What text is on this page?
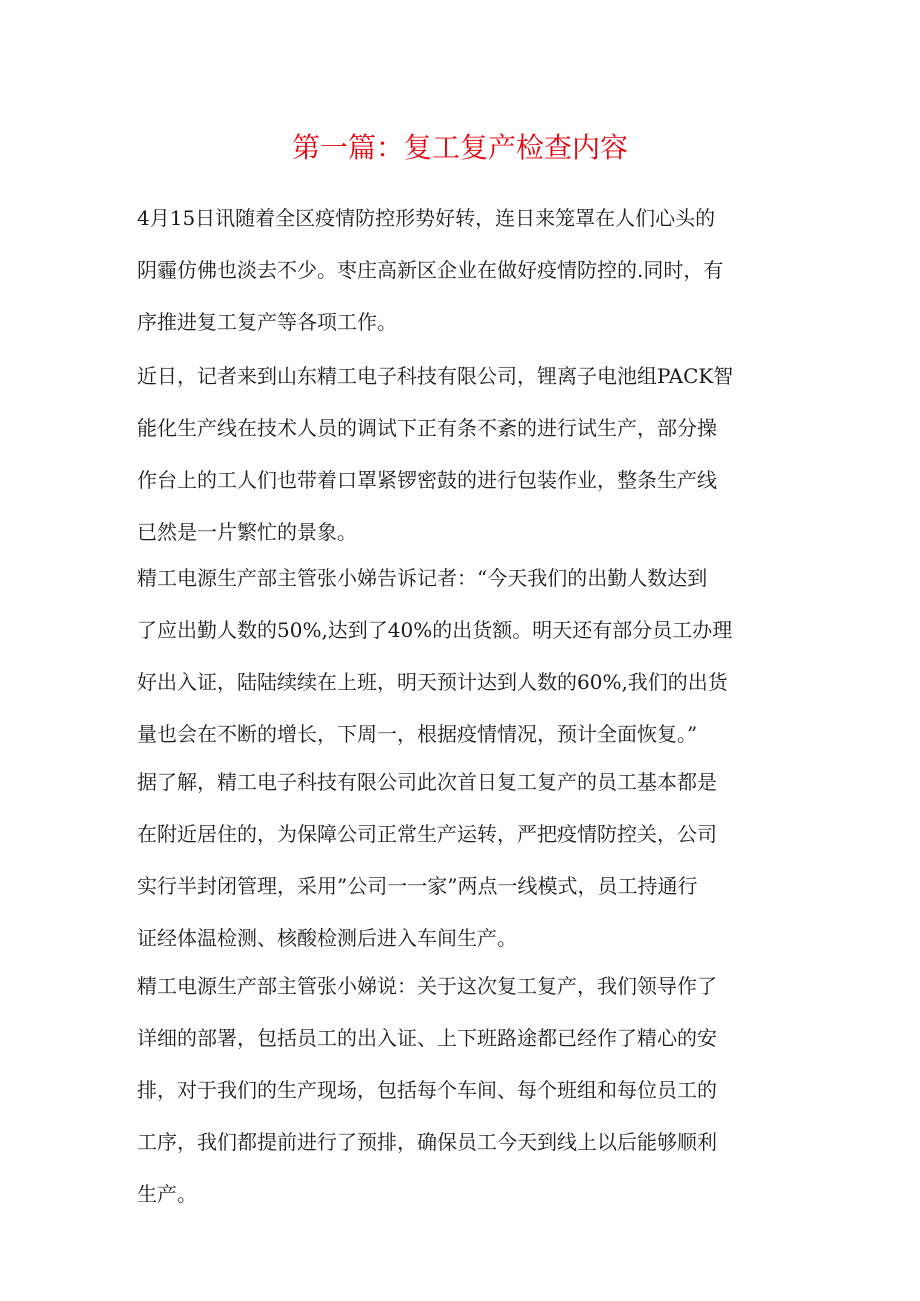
第一篇：复工复产检查内容

4月15日讯随着全区疫情防控形势好转，连日来笼罩在人们心头的
阴霾仿佛也淡去不少。枣庄高新区企业在做好疫情防控的.同时，有
序推进复工复产等各项工作。

近日，记者来到山东精工电子科技有限公司，锂离子电池组PACK智
能化生产线在技术人员的调试下正有条不紊的进行试生产，部分操
作台上的工人们也带着口罩紧锣密鼓的进行包装作业，整条生产线
已然是一片繁忙的景象。

精工电源生产部主管张小娣告诉记者：“今天我们的出勤人数达到
了应出勤人数的50%,达到了40%的出货额。明天还有部分员工办理
好出入证，陆陆续续在上班，明天预计达到人数的60%,我们的出货
量也会在不断的增长，下周一，根据疫情情况，预计全面恢复。”

据了解，精工电子科技有限公司此次首日复工复产的员工基本都是
在附近居住的，为保障公司正常生产运转，严把疫情防控关，公司
实行半封闭管理，采用”公司一一家”两点一线模式，员工持通行
证经体温检测、核酸检测后进入车间生产。

精工电源生产部主管张小娣说：关于这次复工复产，我们领导作了
详细的部署，包括员工的出入证、上下班路途都已经作了精心的安
排，对于我们的生产现场，包括每个车间、每个班组和每位员工的
工序，我们都提前进行了预排，确保员工今天到线上以后能够顺利
生产。
